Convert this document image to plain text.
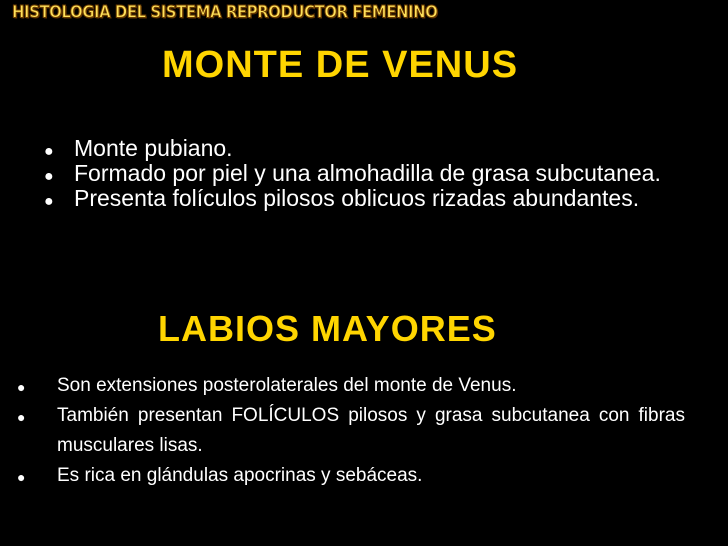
HISTOLOGIA DEL SISTEMA REPRODUCTOR FEMENINO
MONTE DE VENUS
● Monte pubiano.
● Formado por piel y una almohadilla de grasa subcutanea.
● Presenta folículos pilosos oblicuos rizadas abundantes.
LABIOS MAYORES
● Son extensiones posterolaterales del monte de Venus.
● También presentan FOLÍCULOS pilosos y grasa subcutanea con fibras musculares lisas.
● Es rica en glándulas apocrinas y sebáceas.
